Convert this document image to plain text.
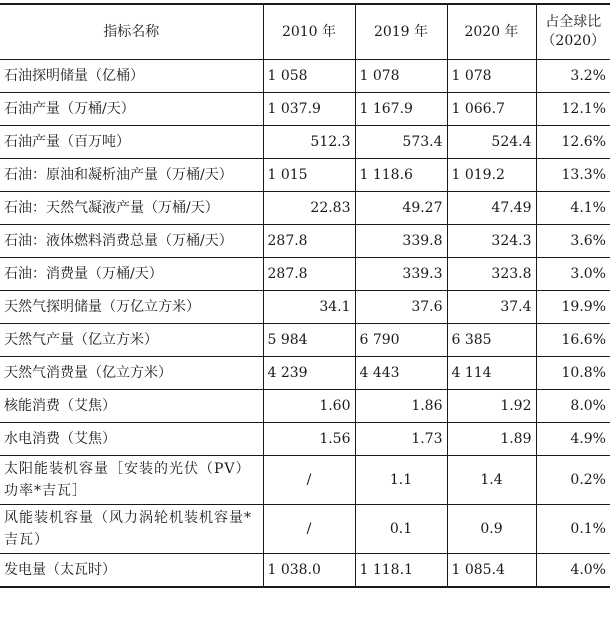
指标名称	2010 年	2019 年	2020 年	占全球比
（2020）
石油探明储量（亿桶）	1 058	1 078	1 078	3.2%
石油产量（万桶/天）	1 037.9	1 167.9	1 066.7	12.1%
石油产量（百万吨）	512.3	573.4	524.4	12.6%
石油：原油和凝析油产量（万桶/天）	1 015	1 118.6	1 019.2	13.3%
石油：天然气凝液产量（万桶/天）	22.83	49.27	47.49	4.1%
石油：液体燃料消费总量（万桶/天）	287.8	339.8	324.3	3.6%
石油：消费量（万桶/天）	287.8	339.3	323.8	3.0%
天然气探明储量（万亿立方米）	34.1	37.6	37.4	19.9%
天然气产量（亿立方米）	5 984	6 790	6 385	16.6%
天然气消费量（亿立方米）	4 239	4 443	4 114	10.8%
核能消费（艾焦）	1.60	1.86	1.92	8.0%
水电消费（艾焦）	1.56	1.73	1.89	4.9%
太阳能装机容量［安装的光伏（PV）功率*吉瓦］	/	1.1	1.4	0.2%
风能装机容量（风力涡轮机装机容量*吉瓦）	/	0.1	0.9	0.1%
发电量（太瓦时）	1 038.0	1 118.1	1 085.4	4.0%
